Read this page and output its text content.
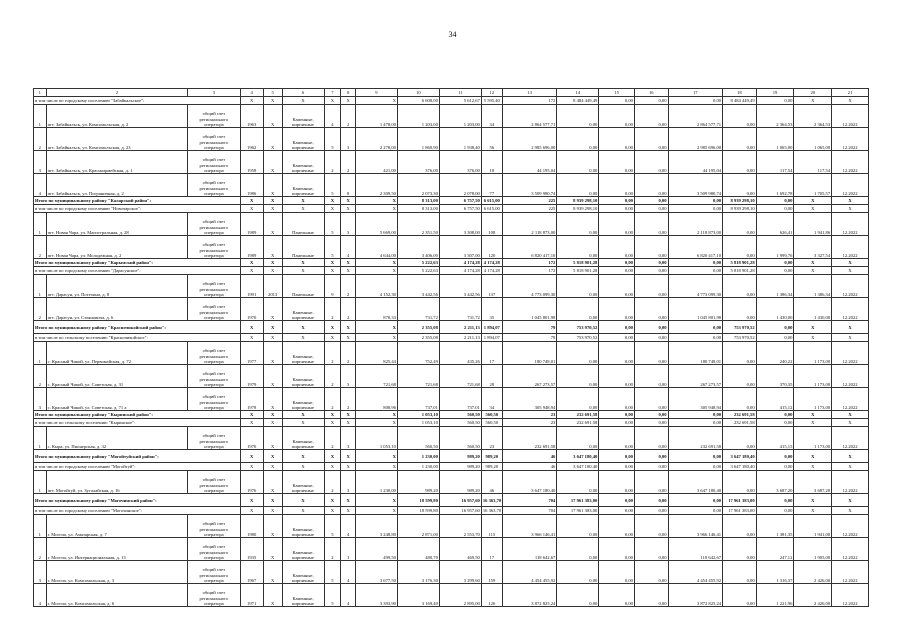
34
1	2	3	4	5	6	7	8	9	10	11	12	13	14	15	16	17	18	19	20	21
в том числе по городскому поселению "Забайкальское":			X	X	X	X	X	X	6 608,00	5 612,67	5 595,40	172	8 484 449,49	0,00	0,00	0,00	8 484 449,49	0,00	X	X
1	пгт. Забайкальск, ул. Комсомольская, д. 2	общий счет регионального оператора	1963	X	Каменные, кирпичные	4	2	1 478,00	1 203,00	1 203,00	34	2 864 577,71	0,00	0,00	0,00	2 864 577,71	0,00	2 364,53	2 364,53	12.2022
2	пгт. Забайкальск, ул. Комсомольская, д. 23	общий счет регионального оператора	1962	X	Каменные, кирпичные	5	3	2 278,00	1 860,90	1 938,40	56	2 985 696,00	0,00	0,00	0,00	2 985 696,00	0,00	1 065,00	1 065,00	12.2022
3	пгт. Забайкальск, ул. Красноармейская, д. 1	общий счет регионального оператора	1958	X	Каменные, кирпичные	2	2	421,00	376,00	376,00	10	44 195,04	0,00	0,00	0,00	44 195,04	0,00	117,54	117,54	12.2022
4	пгт. Забайкальск, ул. Пограничная, д. 2	общий счет регионального оператора	1986	X	Каменные, кирпичные	5	8	2 309,50	2 073,30	2 078,00	77	3 509 980,74	0,00	0,00	0,00	3 509 980,74	0,00	1 692,78	1 705,57	12.2022
Итого по муниципальному району "Каларский район":			X	X	X	X	X	X	8 313,00	6 757,50	6 615,00	225	8 939 298,10	0,00	0,00	0,00	8 939 298,10	0,00	X	X
в том числе по городскому поселению "Новочарское":			X	X	X	X	X	X	8 313,00	6 757,50	6 615,00	225	8 939 298,10	0,00	0,00	0,00	8 939 298,10	0,00	X	X
1	пгт. Новая Чара, ул. Магистральная, д. 28	общий счет регионального оператора	1989	X	Панельные	5	3	5 669,00	2 351,50	3 308,00	108	2 118 873,00	0,00	0,00	0,00	2 118 873,00	0,00	626,41	1 941,86	12.2022
2	пгт. Новая Чара, ул. Молодежная, д. 2	общий счет регионального оператора	1989	X	Панельные	5	4	4 644,00	3 406,00	3 307,00	120	6 820 417,10	0,00	0,00	0,00	6 820 417,10	0,00	1 999,76	3 327,54	12.2022
Итого по муниципальному району "Карымский район":			X	X	X	X	X	X	5 222,63	4 174,28	4 174,28	172	5 818 901,28	0,00	0,00	0,00	5 818 901,28	0,00	X	X
в том числе по городскому поселению "Дарасунское":			X	X	X	X	X	X	5 222,63	4 174,28	4 174,28	172	5 818 901,28	0,00	0,00	0,00	5 818 901,28	0,00	X	X
1	пгт. Дарасун, ул. Потехина, д. 8	общий счет регионального оператора	1991	2013	Панельные	9	2	4 152,30	3 442,56	3 442,56	137	4 773 099,30	0,00	0,00	0,00	4 773 099,30	0,00	1 386,34	1 386,34	12.2022
2	пгт. Дарасун, ул. Стояновича, д. 6	общий счет регионального оператора	1970	X	Каменные, кирпичные	2	2	870,33	731,72	731,72	35	1 045 801,98	0,00	0,00	0,00	1 045 801,98	0,00	1 430,00	1 430,00	12.2022
Итого по муниципальному району "Красночикойский район":			X	X	X	X	X	X	2 355,08	2 211,13	1 894,07	79	753 970,52	0,00	0,00	0,00	753 970,52	0,00	X	X
в том числе по сельскому поселению "Красночикойское":			X	X	X	X	X	X	2 355,08	2 211,13	1 894,07	79	753 970,52	0,00	0,00	0,00	753 970,52	0,00	X	X
1	с. Красный Чикой, ул. Первомайская, д. 72	общий счет регионального оператора	1977	X	Каменные, кирпичные	2	2	825,44	752,49	435,26	17	180 748,01	0,00	0,00	0,00	180 748,01	0,00	240,22	1 173,00	12.2022
2	с. Красный Чикой, ул. Советская, д. 31	общий счет регионального оператора	1979	X	Каменные, кирпичные	2	3	721,68	721,68	721,68	28	267 273,57	0,00	0,00	0,00	267 273,57	0,00	370,35	1 173,00	12.2022
3	с. Красный Чикой, ул. Советская, д. 71 а	общий счет регионального оператора	1978	X	Каменные, кирпичные	2	2	808,96	737,01	737,01	34	305 948,94	0,00	0,00	0,00	305 948,94	0,00	415,12	1 173,00	12.2022
Итого по муниципальному району "Кыринский район":			X	X	X	X	X	X	1 053,10	560,50	560,50	23	232 691,58	0,00	0,00	0,00	232 691,58	0,00	X	X
в том числе по сельскому поселению "Кыринское":			X	X	X	X	X	X	1 053,10	560,50	560,50	23	232 691,58	0,00	0,00	0,00	232 691,58	0,00	X	X
1	с. Кыра, ул. Пионерская, д. 32	общий счет регионального оператора	1970	X	Каменные, кирпичные	2	3	1 053,10	560,50	560,50	23	232 691,58	0,00	0,00	0,00	232 691,58	0,00	415,15	1 173,00	12.2022
Итого по муниципальному району "Могойтуйский район":			X	X	X	X	X	X	1 230,00	989,20	989,20	46	3 647 180,40	0,00	0,00	0,00	3 647 180,40	0,00	X	X
в том числе по городскому поселению "Могойтуй":			X	X	X	X	X	X	1 230,00	989,20	989,20	46	3 647 180,40	0,00	0,00	0,00	3 647 180,40	0,00	X	X
1	пгт. Могойтуй, ул. Зугалайская, д. 16	общий счет регионального оператора	1976	X	Каменные, кирпичные	2	3	1 230,00	989,20	989,20	46	3 647 180,40	0,00	0,00	0,00	3 647 180,40	0,00	3 687,20	3 687,20	12.2022
Итого по муниципальному району "Могочинский район":			X	X	X	X	X	X	18 599,80	16 957,60	16 363,70	704	17 961 383,00	0,00	0,00	0,00	17 961 383,00	0,00	X	X
в том числе по городскому поселению "Могочинское":			X	X	X	X	X	X	18 599,80	16 957,60	16 363,70	704	17 961 383,00	0,00	0,00	0,00	17 961 383,00	0,00	X	X
1	г. Могоча, ул. Амазарская, д. 7	общий счет регионального оператора	1980	X	Каменные, кирпичные	5	4	3 248,80	2 871,00	2 553,70	115	3 966 146,41	0,00	0,00	0,00	3 966 146,41	0,00	1 381,35	1 941,00	12.2022
2	г. Могоча, ул. Интернациональная, д. 13	общий счет регионального оператора	1935	X	Каменные, кирпичные	2	1	499,50	480,70	469,50	17	118 642,67	0,00	0,00	0,00	118 642,67	0,00	247,12	1 905,00	12.2022
3	г. Могоча, ул. Комсомольская, д. 3	общий счет регионального оператора	1967	X	Каменные, кирпичные	5	4	3 677,50	3 176,30	3 299,60	159	4 454 455,92	0,00	0,00	0,00	4 454 455,92	0,00	1 316,37	2 426,00	12.2022
4	г. Могоча, ул. Комсомольская, д. 6	общий счет регионального оператора	1971	X	Каменные, кирпичные	5	4	3 393,90	3 169,40	2 895,00	126	3 872 825,24	0,00	0,00	0,00	3 872 825,24	0,00	1 221,96	2 426,00	12.2022
